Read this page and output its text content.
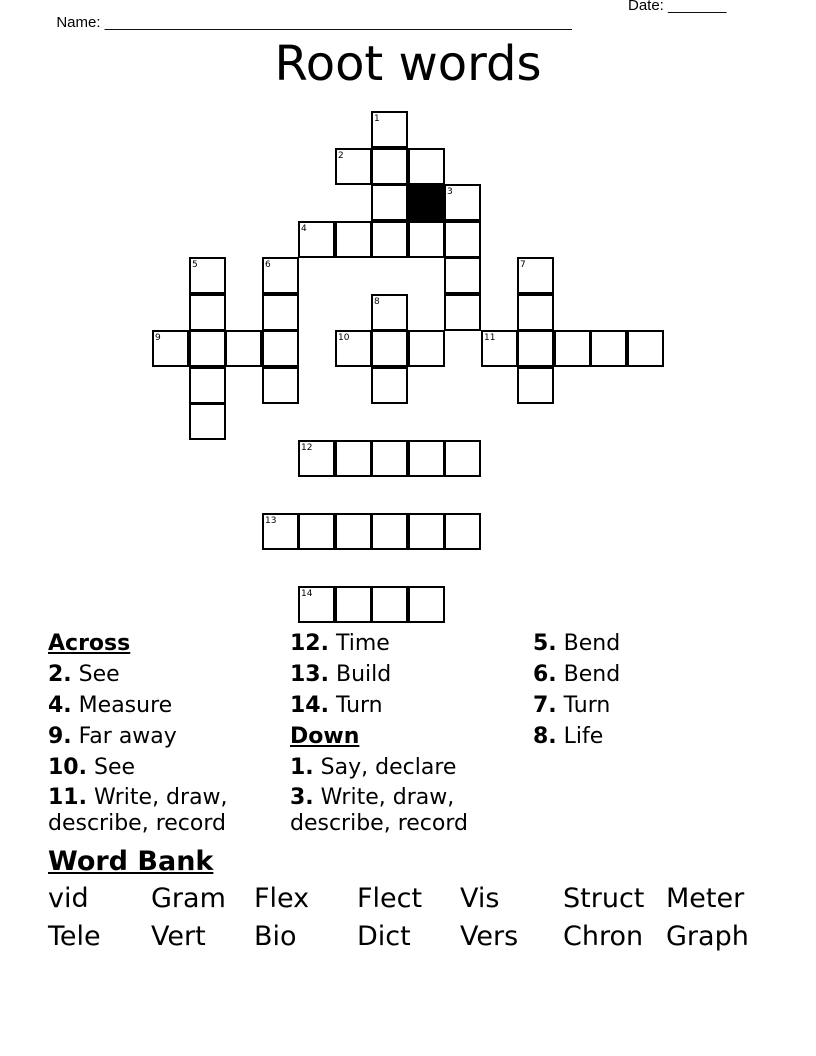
Name: ________________________________________________________

Date: _______

Root words
1
2
3
4
5	6	7
8
9	10	11
12
13
14
Across
2. See
4. Measure
9. Far away
10. See
11. Write, draw, describe, record
12. Time
13. Build
14. Turn
Down
1. Say, declare
3. Write, draw, describe, record
5. Bend
6. Bend
7. Turn
8. Life
Word Bank
vid	Gram	Flex	Flect	Vis	Struct Meter
Tele	Vert	Bio	Dict	Vers	Chron Graph
